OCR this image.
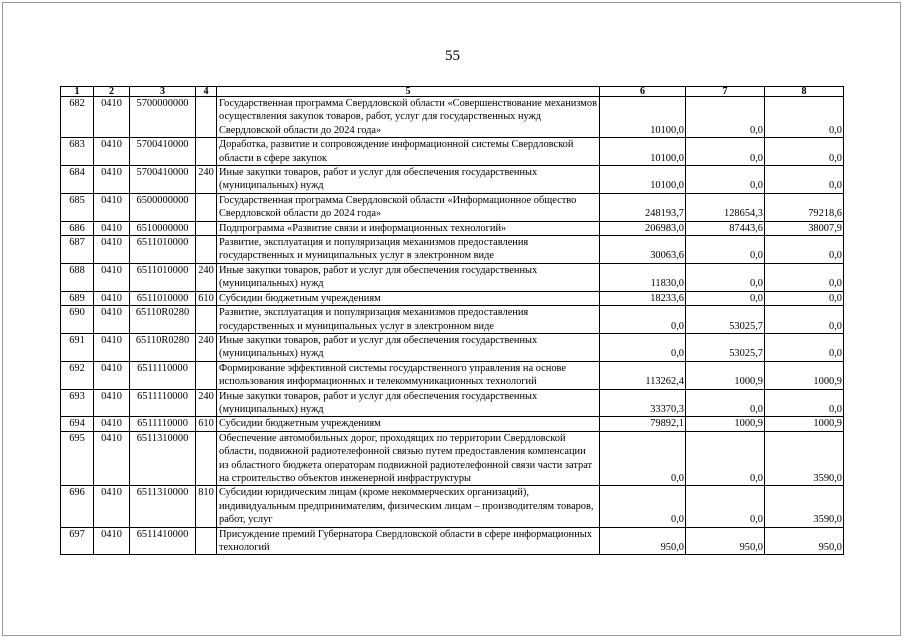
55
1	2	3	4	5	6	7	8
682	0410	5700000000		Государственная программа Свердловской области «Совершенствование механизмов осуществления закупок товаров, работ, услуг для государственных нужд Свердловской области до 2024 года»	10100,0	0,0	0,0
683	0410	5700410000		Доработка, развитие и сопровождение информационной системы Свердловской области в сфере закупок	10100,0	0,0	0,0
684	0410	5700410000	240	Иные закупки товаров, работ и услуг для обеспечения государственных (муниципальных) нужд	10100,0	0,0	0,0
685	0410	6500000000		Государственная программа Свердловской области «Информационное общество Свердловской области до 2024 года»	248193,7	128654,3	79218,6
686	0410	6510000000		Подпрограмма «Развитие связи и информационных технологий»	206983,0	87443,6	38007,9
687	0410	6511010000		Развитие, эксплуатация и популяризация механизмов предоставления государственных и муниципальных услуг в электронном виде	30063,6	0,0	0,0
688	0410	6511010000	240	Иные закупки товаров, работ и услуг для обеспечения государственных (муниципальных) нужд	11830,0	0,0	0,0
689	0410	6511010000	610	Субсидии бюджетным учреждениям	18233,6	0,0	0,0
690	0410	65110R0280		Развитие, эксплуатация и популяризация механизмов предоставления государственных и муниципальных услуг в электронном виде	0,0	53025,7	0,0
691	0410	65110R0280	240	Иные закупки товаров, работ и услуг для обеспечения государственных (муниципальных) нужд	0,0	53025,7	0,0
692	0410	6511110000		Формирование эффективной системы государственного управления на основе использования информационных и телекоммуникационных технологий	113262,4	1000,9	1000,9
693	0410	6511110000	240	Иные закупки товаров, работ и услуг для обеспечения государственных (муниципальных) нужд	33370,3	0,0	0,0
694	0410	6511110000	610	Субсидии бюджетным учреждениям	79892,1	1000,9	1000,9
695	0410	6511310000		Обеспечение автомобильных дорог, проходящих по территории Свердловской области, подвижной радиотелефонной связью путем предоставления компенсации из областного бюджета операторам подвижной радиотелефонной связи части затрат на строительство объектов инженерной инфраструктуры	0,0	0,0	3590,0
696	0410	6511310000	810	Субсидии юридическим лицам (кроме некоммерческих организаций), индивидуальным предпринимателям, физическим лицам – производителям товаров, работ, услуг	0,0	0,0	3590,0
697	0410	6511410000		Присуждение премий Губернатора Свердловской области в сфере информационных технологий	950,0	950,0	950,0
